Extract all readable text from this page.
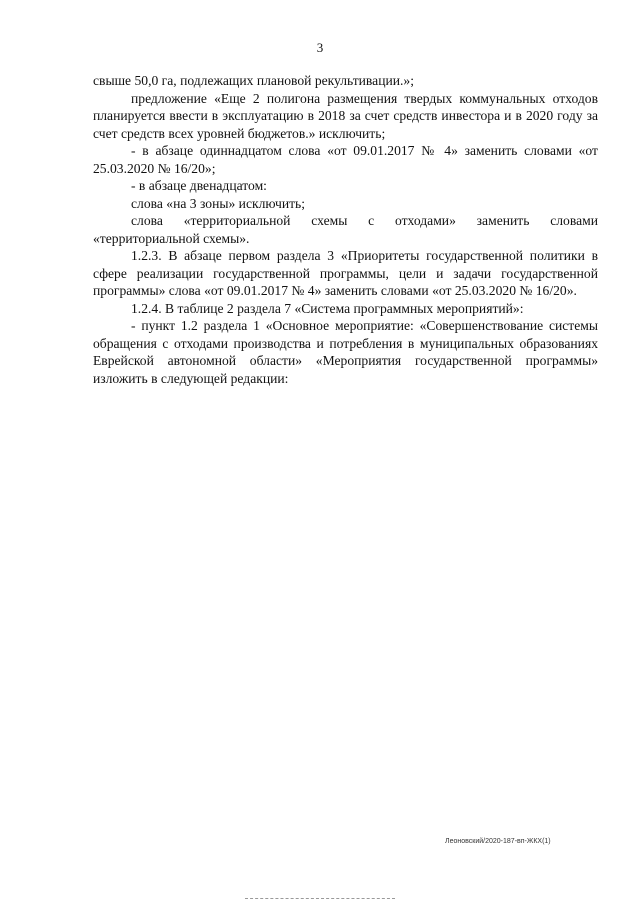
3

свыше 50,0 га, подлежащих плановой рекультивации.»;

предложение «Еще 2 полигона размещения твердых коммунальных отходов планируется ввести в эксплуатацию в 2018 за счет средств инвестора и в 2020 году за счет средств всех уровней бюджетов.» исключить;

- в абзаце одиннадцатом слова «от 09.01.2017 № 4» заменить словами «от 25.03.2020 № 16/20»;

- в абзаце двенадцатом:

слова «на 3 зоны» исключить;

слова «территориальной схемы с отходами» заменить словами «территориальной схемы».

1.2.3. В абзаце первом раздела 3 «Приоритеты государственной политики в сфере реализации государственной программы, цели и задачи государственной программы» слова «от 09.01.2017 № 4» заменить словами «от 25.03.2020 № 16/20».

1.2.4. В таблице 2 раздела 7 «Система программных мероприятий»:

- пункт 1.2 раздела 1 «Основное мероприятие: «Совершенствование системы обращения с отходами производства и потребления в муниципальных образованиях Еврейской автономной области» «Мероприятия государственной программы» изложить в следующей редакции:

Леоновский/2020-187-вп-ЖКХ(1)
